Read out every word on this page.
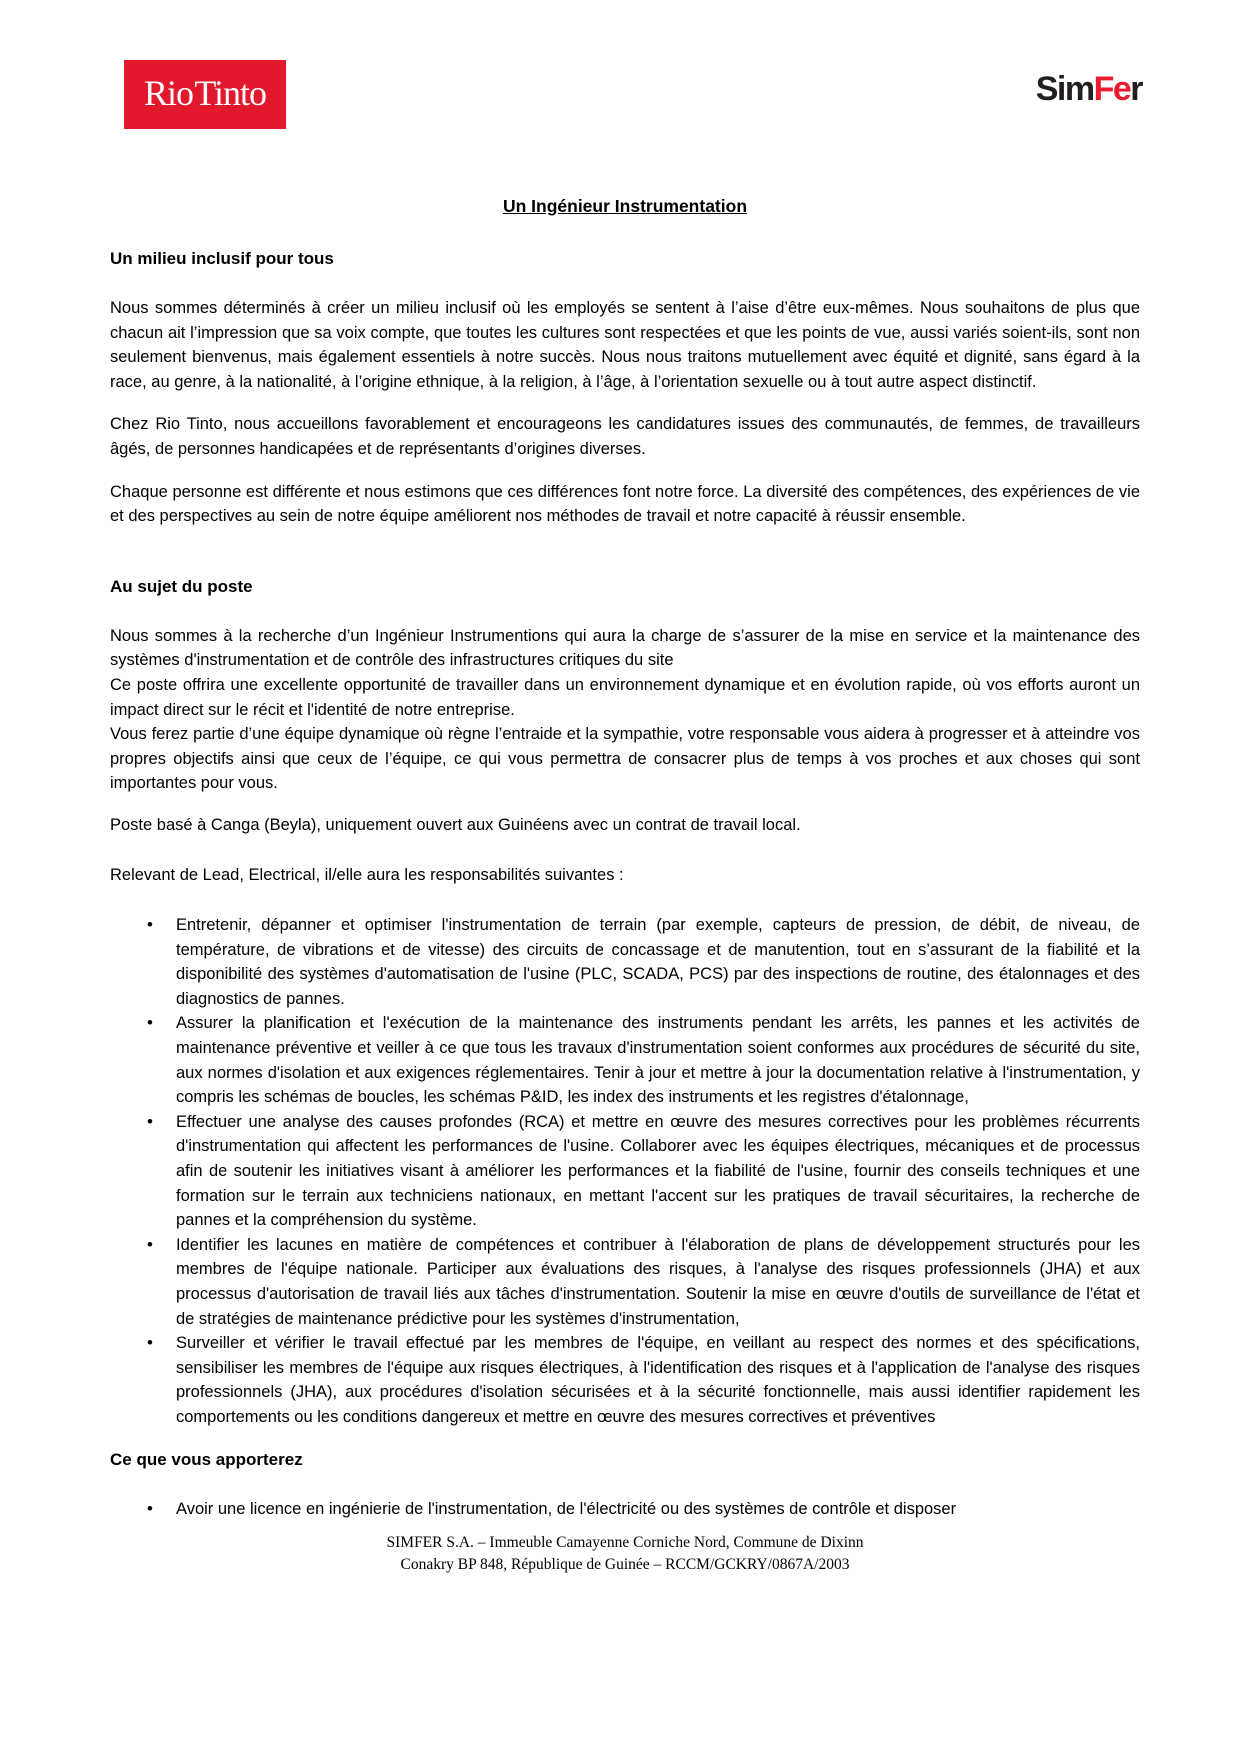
Rio Tinto	SimFer
Un Ingénieur Instrumentation
Un milieu inclusif pour tous

Nous sommes déterminés à créer un milieu inclusif où les employés se sentent à l’aise d’être eux-mêmes. Nous souhaitons de plus que chacun ait l’impression que sa voix compte, que toutes les cultures sont respectées et que les points de vue, aussi variés soient-ils, sont non seulement bienvenus, mais également essentiels à notre succès. Nous nous traitons mutuellement avec équité et dignité, sans égard à la race, au genre, à la nationalité, à l’origine ethnique, à la religion, à l’âge, à l’orientation sexuelle ou à tout autre aspect distinctif.

Chez Rio Tinto, nous accueillons favorablement et encourageons les candidatures issues des communautés, de femmes, de travailleurs âgés, de personnes handicapées et de représentants d’origines diverses.

Chaque personne est différente et nous estimons que ces différences font notre force. La diversité des compétences, des expériences de vie et des perspectives au sein de notre équipe améliorent nos méthodes de travail et notre capacité à réussir ensemble.

Au sujet du poste

Nous sommes à la recherche d’un Ingénieur Instrumentions qui aura la charge de s’assurer de la mise en service et la maintenance des systèmes d'instrumentation et de contrôle des infrastructures critiques du site

Ce poste offrira une excellente opportunité de travailler dans un environnement dynamique et en évolution rapide, où vos efforts auront un impact direct sur le récit et l'identité de notre entreprise.

Vous ferez partie d’une équipe dynamique où règne l’entraide et la sympathie, votre responsable vous aidera à progresser et à atteindre vos propres objectifs ainsi que ceux de l’équipe, ce qui vous permettra de consacrer plus de temps à vos proches et aux choses qui sont importantes pour vous.

Poste basé à Canga (Beyla), uniquement ouvert aux Guinéens avec un contrat de travail local.

Relevant de Lead, Electrical, il/elle aura les responsabilités suivantes :

• Entretenir, dépanner et optimiser l'instrumentation de terrain (par exemple, capteurs de pression, de débit, de niveau, de température, de vibrations et de vitesse) des circuits de concassage et de manutention, tout en s’assurant de la fiabilité et la disponibilité des systèmes d'automatisation de l'usine (PLC, SCADA, PCS) par des inspections de routine, des étalonnages et des diagnostics de pannes.
• Assurer la planification et l'exécution de la maintenance des instruments pendant les arrêts, les pannes et les activités de maintenance préventive et veiller à ce que tous les travaux d'instrumentation soient conformes aux procédures de sécurité du site, aux normes d'isolation et aux exigences réglementaires. Tenir à jour et mettre à jour la documentation relative à l'instrumentation, y compris les schémas de boucles, les schémas P&ID, les index des instruments et les registres d'étalonnage,
• Effectuer une analyse des causes profondes (RCA) et mettre en œuvre des mesures correctives pour les problèmes récurrents d'instrumentation qui affectent les performances de l'usine. Collaborer avec les équipes électriques, mécaniques et de processus afin de soutenir les initiatives visant à améliorer les performances et la fiabilité de l'usine, fournir des conseils techniques et une formation sur le terrain aux techniciens nationaux, en mettant l'accent sur les pratiques de travail sécuritaires, la recherche de pannes et la compréhension du système.
• Identifier les lacunes en matière de compétences et contribuer à l'élaboration de plans de développement structurés pour les membres de l'équipe nationale. Participer aux évaluations des risques, à l'analyse des risques professionnels (JHA) et aux processus d'autorisation de travail liés aux tâches d'instrumentation. Soutenir la mise en œuvre d'outils de surveillance de l'état et de stratégies de maintenance prédictive pour les systèmes d'instrumentation,
• Surveiller et vérifier le travail effectué par les membres de l'équipe, en veillant au respect des normes et des spécifications, sensibiliser les membres de l'équipe aux risques électriques, à l'identification des risques et à l'application de l'analyse des risques professionnels (JHA), aux procédures d'isolation sécurisées et à la sécurité fonctionnelle, mais aussi identifier rapidement les comportements ou les conditions dangereux et mettre en œuvre des mesures correctives et préventives
Ce que vous apporterez
• Avoir une licence en ingénierie de l'instrumentation, de l'électricité ou des systèmes de contrôle et disposer
SIMFER S.A. – Immeuble Camayenne Corniche Nord, Commune de Dixinn
Conakry BP 848, République de Guinée – RCCM/GCKRY/0867A/2003
